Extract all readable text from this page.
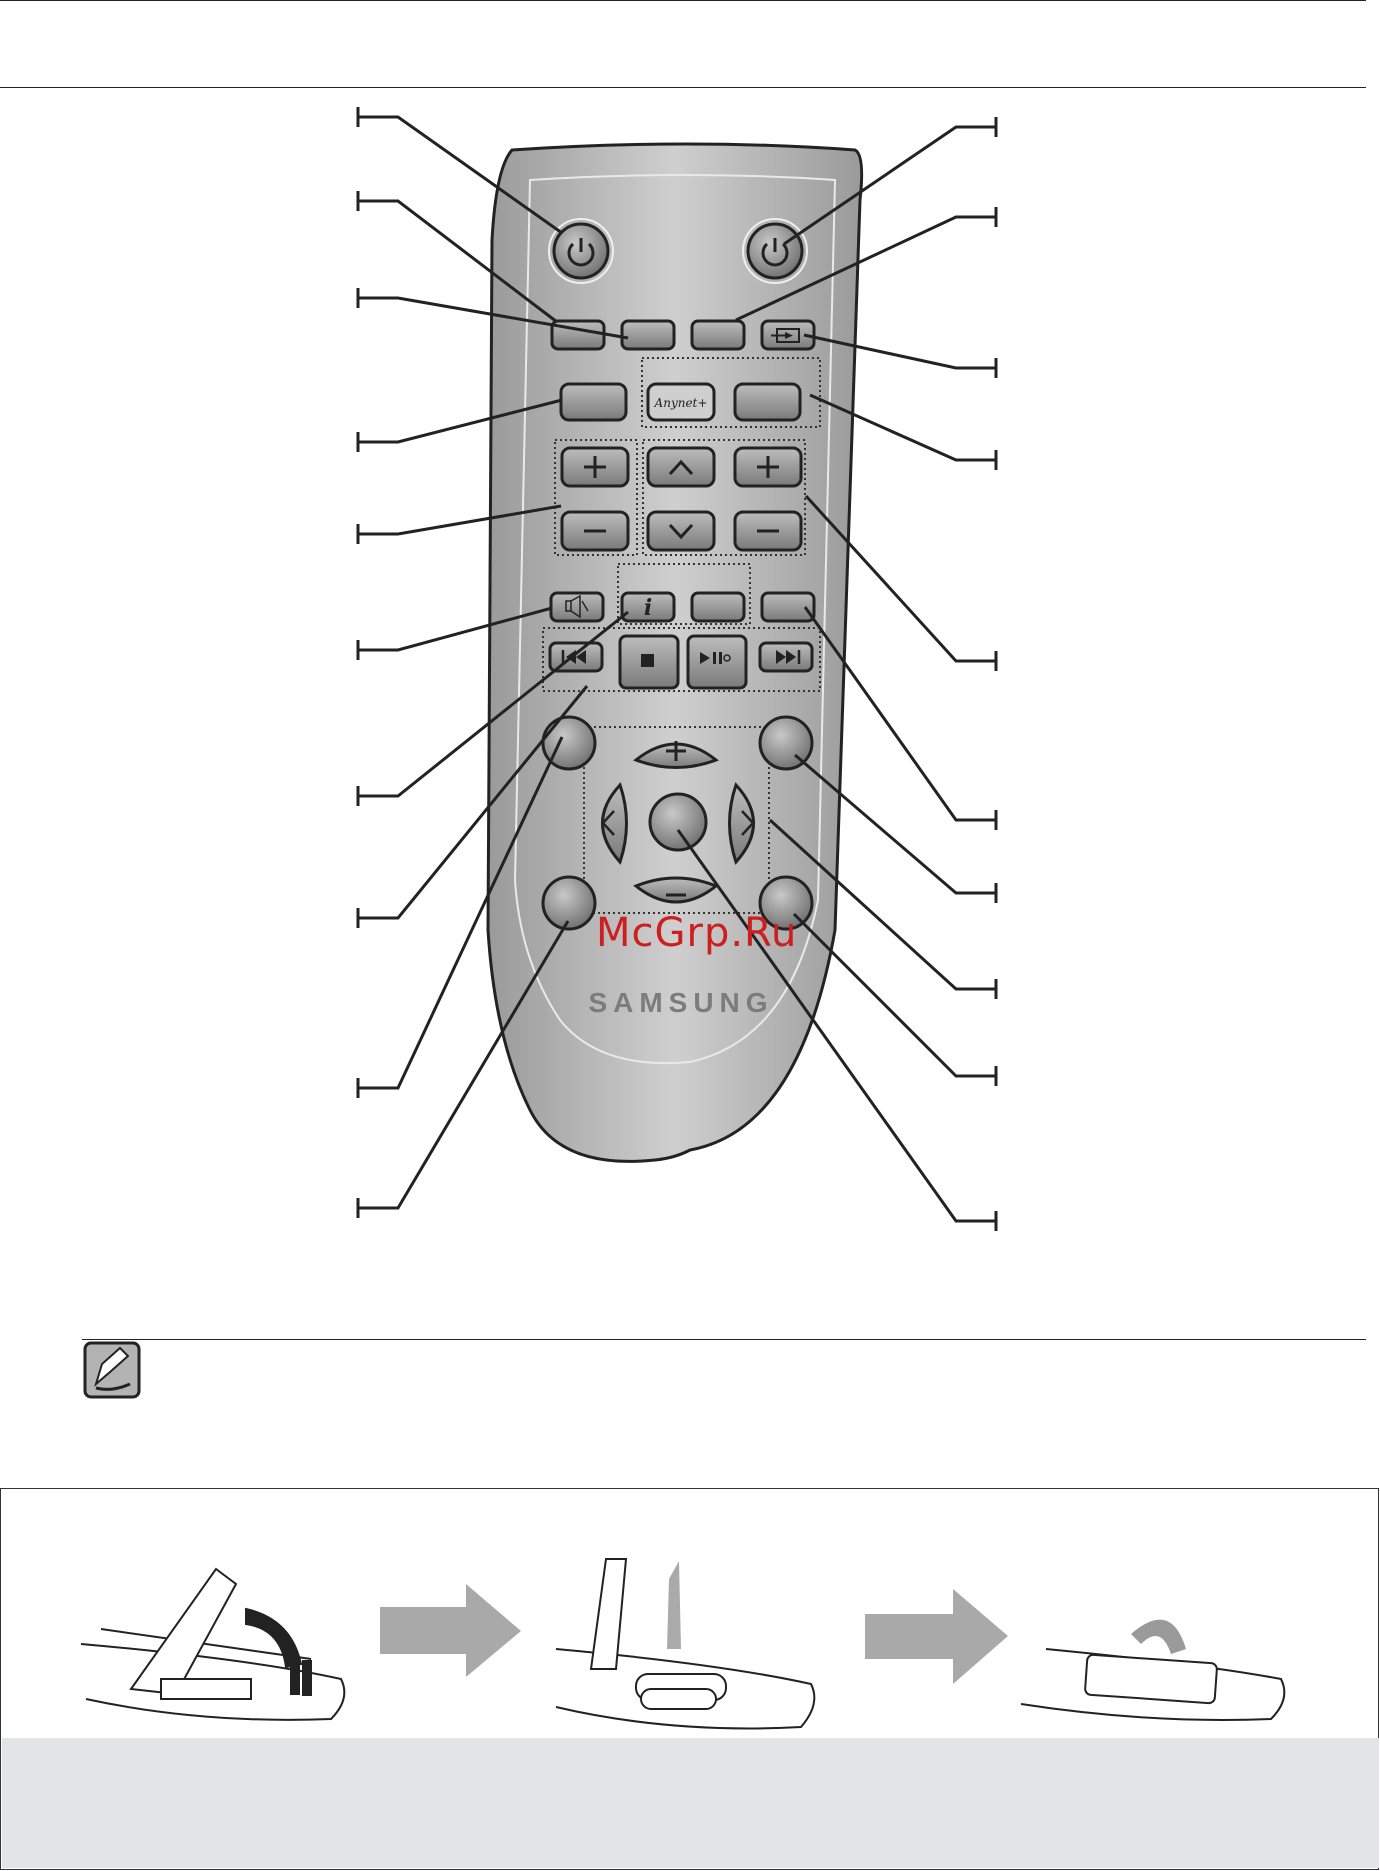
Anynet+
i
SAMSUNG
McGrp.Ru
